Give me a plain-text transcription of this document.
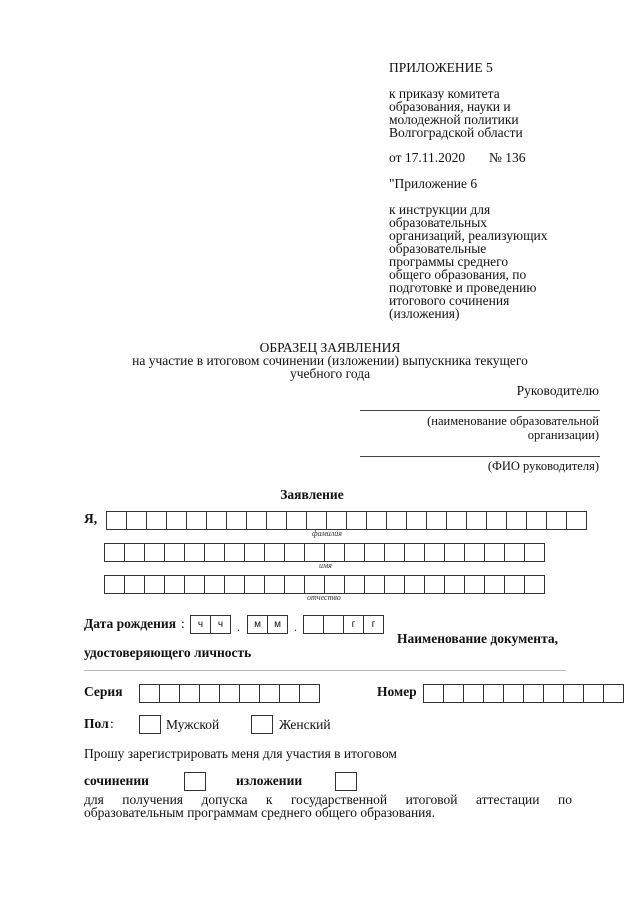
ПРИЛОЖЕНИЕ 5
к приказу комитета
образования, науки и
молодежной политики
Волгоградской области
от 17.11.2020 № 136
"Приложение 6
к инструкции для
образовательных
организаций, реализующих
образовательные
программы среднего
общего образования, по
подготовке и проведению
итогового сочинения
(изложения)
ОБРАЗЕЦ ЗАЯВЛЕНИЯ
на участие в итоговом сочинении (изложении) выпускника текущего
учебного года
Руководителю
(наименование образовательной
организации)
(ФИО руководителя)
Заявление
Я,
фамилия
имя
отчество
Дата рождения :	ч	ч	.	м	м	.	г	г
Наименование документа,
удостоверяющего личность
Серия	Номер
Пол :	Мужской	Женский
Прошу зарегистрировать меня для участия в итоговом
сочинении	изложении
для получения допуска к государственной итоговой аттестации по
образовательным программам среднего общего образования.
